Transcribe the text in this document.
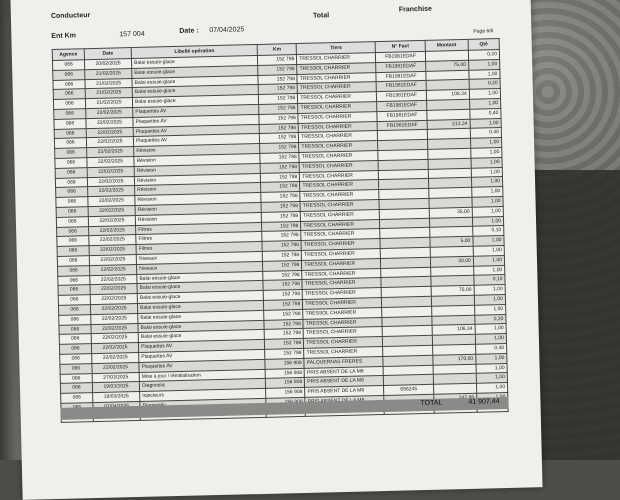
Conducteur
Ent Km	157 004	Date : 07/04/2025
Total
Franchise
Page 6/6
Agence	Date	Libellé opération	Km	Tiers	N° Fact	Montant	Qté
066	20/02/2025	Balai essuie-glace	152 798	TRESSOL CHARRIER	FB1981EDAF		0,20
066	21/02/2025	Balai essuie-glace	152 798	TRESSOL CHARRIER	FB1981EDAF	75,00	1,00
066	21/02/2025	Balai essuie-glace	152 798	TRESSOL CHARRIER	FB1981EDAF		1,00
066	21/02/2025	Balai essuie-glace	152 798	TRESSOL CHARRIER	FB1981EDAF		0,20
066	21/02/2025	Balai essuie-glace	152 798	TRESSOL CHARRIER	FB1981EDAF	108,34	1,00
066	22/02/2025	Plaquettes AV	152 798	TRESSOL CHARRIER	FB1981EDAF		1,00
066	22/02/2025	Plaquettes AV	152 798	TRESSOL CHARRIER	FB1981EDAF		0,40
066	22/02/2025	Plaquettes AV	152 798	TRESSOL CHARRIER	FB1981EDAF	213,34	1,00
066	22/02/2025	Plaquettes AV	152 798	TRESSOL CHARRIER			0,40
066	22/02/2025	Révision	152 798	TRESSOL CHARRIER			1,00
066	22/02/2025	Révision	152 798	TRESSOL CHARRIER			1,00
066	22/02/2025	Révision	152 798	TRESSOL CHARRIER			1,00
066	22/02/2025	Révision	152 798	TRESSOL CHARRIER			1,00
066	22/02/2025	Révision	152 798	TRESSOL CHARRIER			1,00
066	22/02/2025	Révision	152 798	TRESSOL CHARRIER			1,00
066	22/02/2025	Révision	152 798	TRESSOL CHARRIER			1,00
066	22/02/2025	Révision	152 798	TRESSOL CHARRIER		35,00	1,00
066	22/02/2025	Filtres	152 798	TRESSOL CHARRIER			1,00
066	22/02/2025	Filtres	152 798	TRESSOL CHARRIER			0,10
066	22/02/2025	Filtres	152 798	TRESSOL CHARRIER		5,00	1,00
066	22/02/2025	Niveaux	152 798	TRESSOL CHARRIER			1,00
066	22/02/2025	Niveaux	152 798	TRESSOL CHARRIER		30,00	1,00
066	22/02/2025	Balai essuie-glace	152 798	TRESSOL CHARRIER			1,00
066	22/02/2025	Balai essuie-glace	152 798	TRESSOL CHARRIER			0,10
066	22/02/2025	Balai essuie-glace	152 798	TRESSOL CHARRIER		75,00	1,00
066	22/02/2025	Balai essuie-glace	152 798	TRESSOL CHARRIER			1,00
066	22/02/2025	Balai essuie-glace	152 798	TRESSOL CHARRIER			1,00
066	22/02/2025	Balai essuie-glace	152 798	TRESSOL CHARRIER			0,20
066	22/02/2025	Balai essuie-glace	152 798	TRESSOL CHARRIER		106,34	1,00
066	22/02/2025	Plaquettes AV	152 798	TRESSOL CHARRIER			1,00
066	22/02/2025	Plaquettes AV	152 798	TRESSOL CHARRIER			0,40
066	22/02/2025	Plaquettes AV	156 908	PALQUERNAS FRERES		170,00	1,00
066	27/03/2025	Mise à jour / réinitialisation	156 908	PRIS ABSENT DE LA M8			1,00
066	19/03/2025	Diagnostic	156 908	PRIS ABSENT DE LA M8			1,00
066	19/03/2025	Injecteurs	156 908	PRIS ABSENT DE LA M8	656245		1,00

TOTAL	41 907,44
